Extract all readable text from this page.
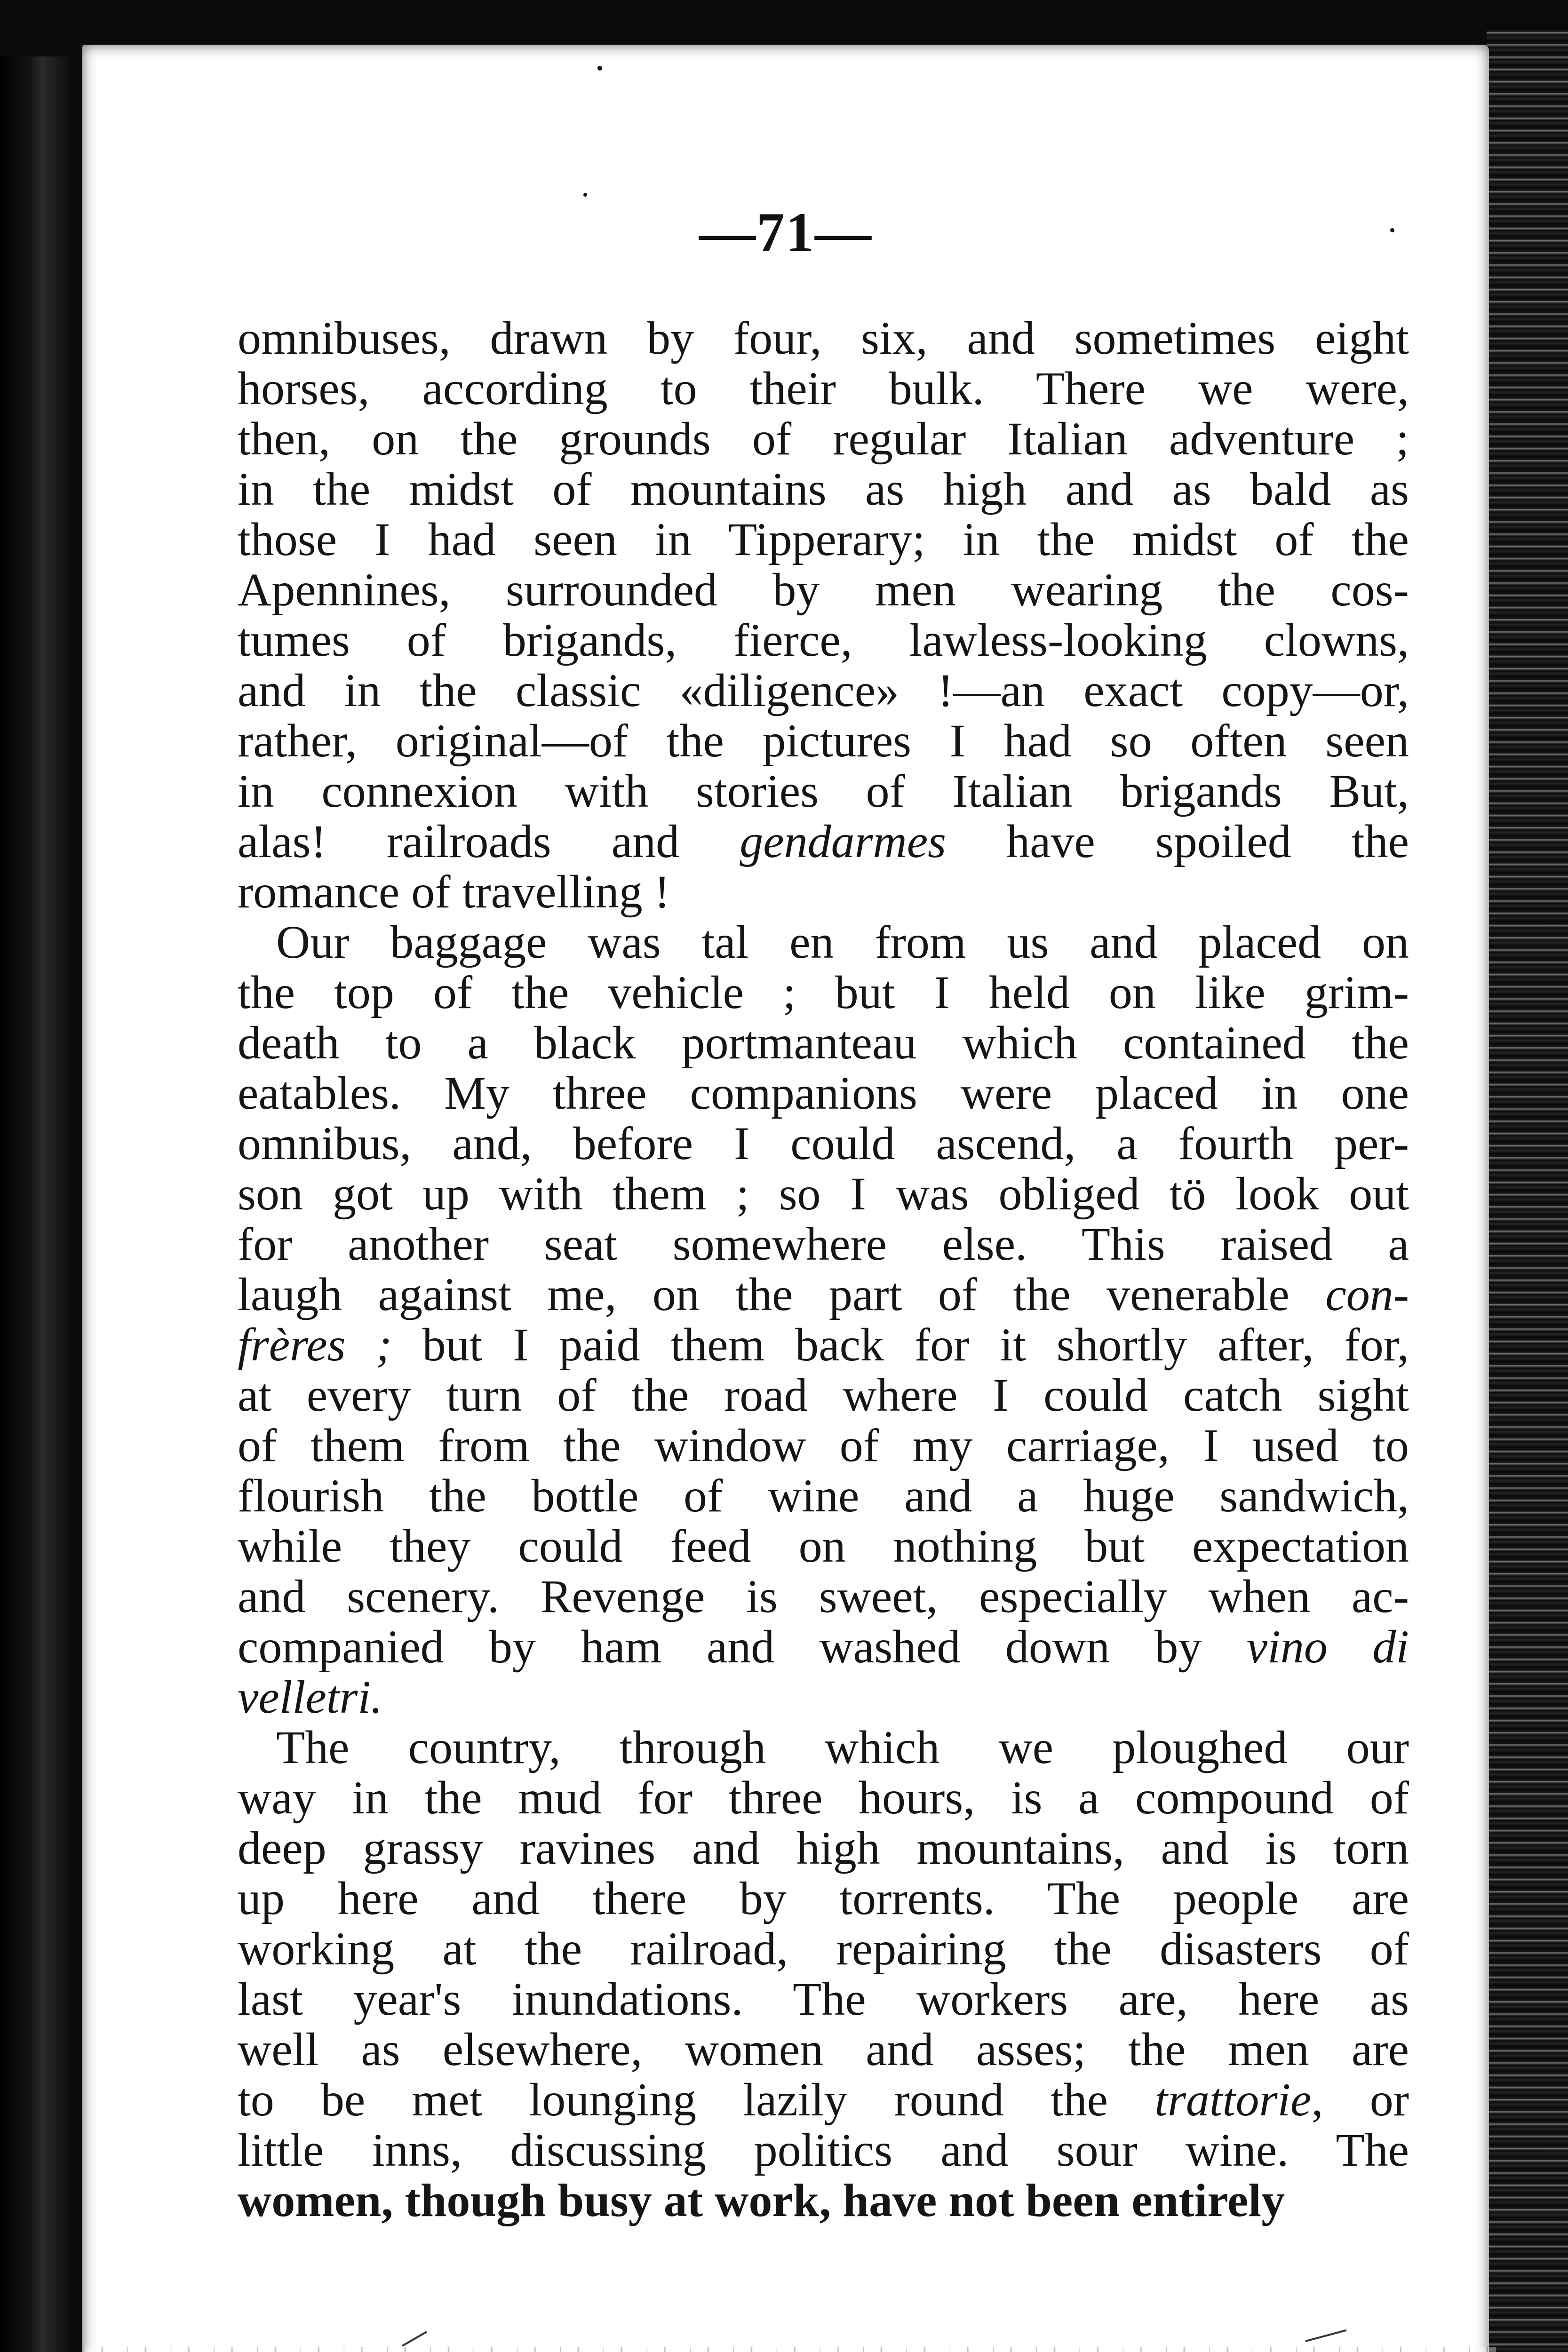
—71—
omnibuses, drawn by four, six, and sometimes eight
horses, according to their bulk. There we were,
then, on the grounds of regular Italian adventure ;
in the midst of mountains as high and as bald as
those I had seen in Tipperary; in the midst of the
Apennines, surrounded by men wearing the cos-
tumes of brigands, fierce, lawless-looking clowns,
and in the classic «diligence» !—an exact copy—or,
rather, original—of the pictures I had so often seen
in connexion with stories of Italian brigands But,
alas! railroads and gendarmes have spoiled the
romance of travelling !
Our baggage was tal en from us and placed on
the top of the vehicle ; but I held on like grim-
death to a black portmanteau which contained the
eatables. My three companions were placed in one
omnibus, and, before I could ascend, a fourth per-
son got up with them ; so I was obliged tö look out
for another seat somewhere else. This raised a
laugh against me, on the part of the venerable con-
frères ; but I paid them back for it shortly after, for,
at every turn of the road where I could catch sight
of them from the window of my carriage, I used to
flourish the bottle of wine and a huge sandwich,
while they could feed on nothing but expectation
and scenery. Revenge is sweet, especially when ac-
companied by ham and washed down by vino di
velletri.
The country, through which we ploughed our
way in the mud for three hours, is a compound of
deep grassy ravines and high mountains, and is torn
up here and there by torrents. The people are
working at the railroad, repairing the disasters of
last year's inundations. The workers are, here as
well as elsewhere, women and asses; the men are
to be met lounging lazily round the trattorie, or
little inns, discussing politics and sour wine. The
women, though busy at work, have not been entirely
